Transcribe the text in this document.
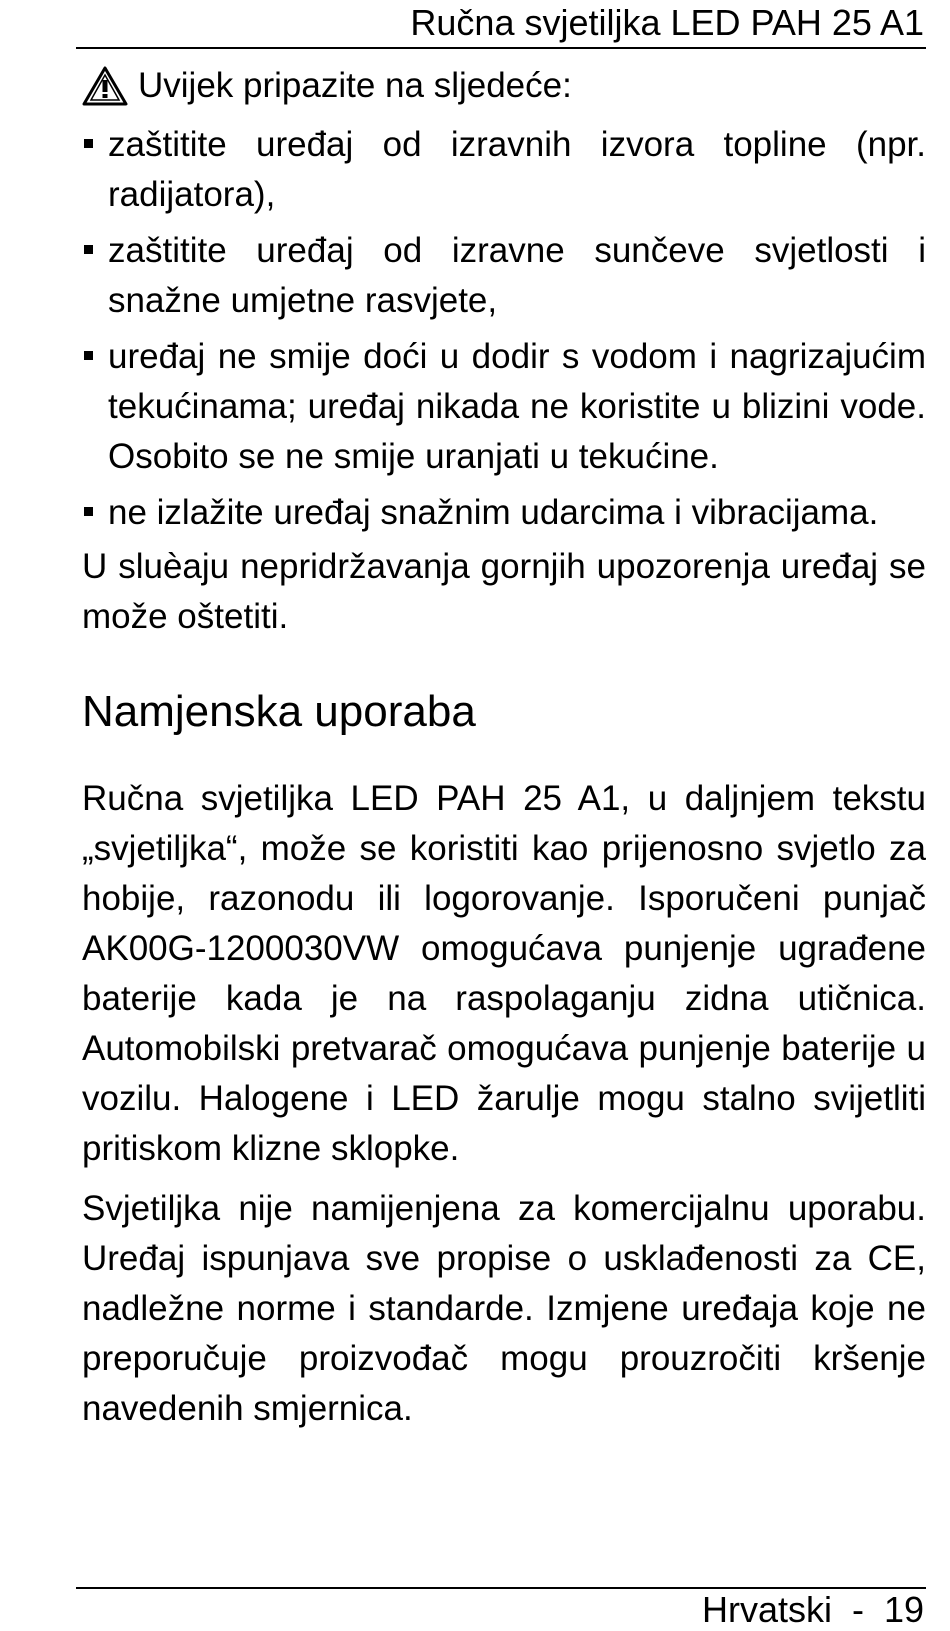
Ručna svjetiljka LED PAH 25 A1
Uvijek pripazite na sljedeće:
zaštitite uređaj od izravnih izvora topline (npr. radijatora),
zaštitite uređaj od izravne sunčeve svjetlosti i snažne umjetne rasvjete,
uređaj ne smije doći u dodir s vodom i nagrizajućim tekućinama; uređaj nikada ne koristite u blizini vode. Osobito se ne smije uranjati u tekućine.
ne izlažite uređaj snažnim udarcima i vibracijama.

U sluèaju nepridržavanja gornjih upozorenja uređaj se može oštetiti.

Namjenska uporaba

Ručna svjetiljka LED PAH 25 A1, u daljnjem tekstu „svjetiljka“, može se koristiti kao prijenosno svjetlo za hobije, razonodu ili logorovanje. Isporučeni punjač AK00G-1200030VW omogućava punjenje ugrađene baterije kada je na raspolaganju zidna utičnica. Automobilski pretvarač omogućava punjenje baterije u vozilu. Halogene i LED žarulje mogu stalno svijetliti pritiskom klizne sklopke.

Svjetiljka nije namijenjena za komercijalnu uporabu. Uređaj ispunjava sve propise o usklađenosti za CE, nadležne norme i standarde. Izmjene uređaja koje ne preporučuje proizvođač mogu prouzročiti kršenje navedenih smjernica.

Hrvatski  -  19
